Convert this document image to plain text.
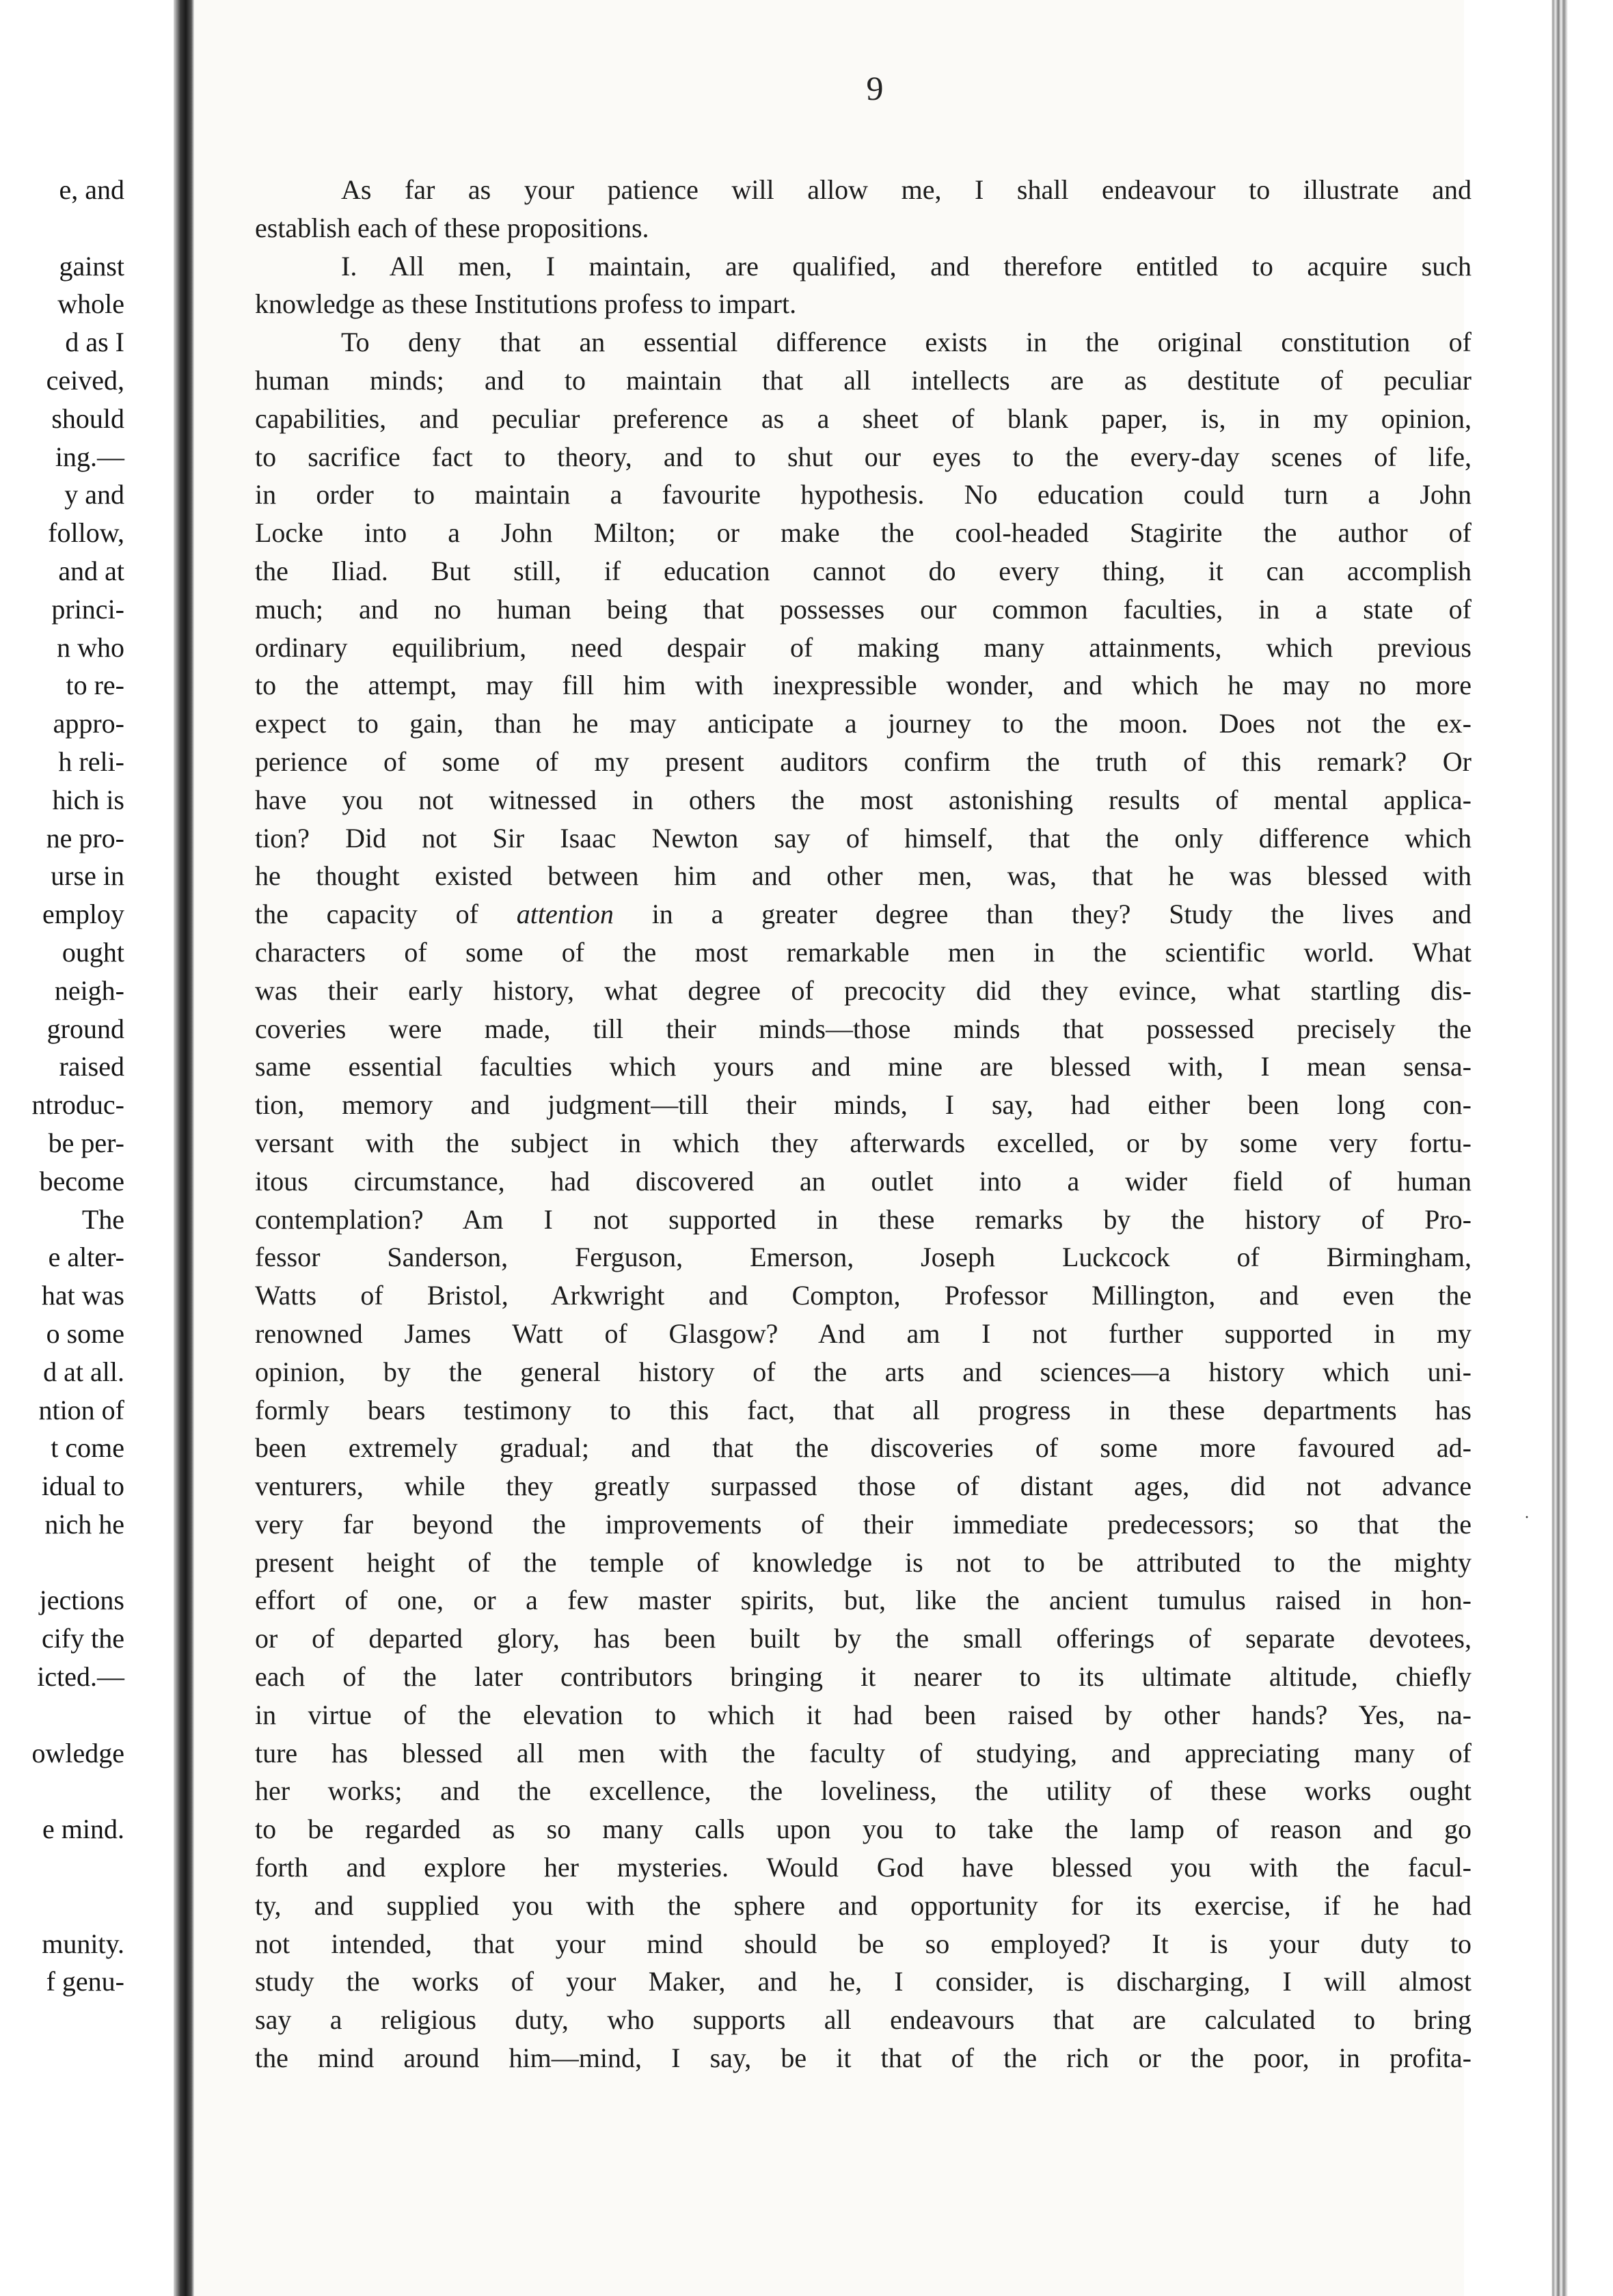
·
e, and
gainst
whole
d as I
ceived,
should
ing.—
y and
follow,
and at
princi-
n who
to re-
appro-
h reli-
hich is
ne pro-
urse in
employ
ought
neigh-
ground
raised
ntroduc-
be per-
become
The
e alter-
hat was
o some
d at all.
ntion of
t come
idual to
nich he
jections
cify the
icted.—
owledge
e mind.
munity.
f genu-
9
As far as your patience will allow me, I shall endeavour to illustrate and
establish each of these propositions.
I. All men, I maintain, are qualified, and therefore entitled to acquire such
knowledge as these Institutions profess to impart.
To deny that an essential difference exists in the original constitution of
human minds; and to maintain that all intellects are as destitute of peculiar
capabilities, and peculiar preference as a sheet of blank paper, is, in my opinion,
to sacrifice fact to theory, and to shut our eyes to the every-day scenes of life,
in order to maintain a favourite hypothesis. No education could turn a John
Locke into a John Milton; or make the cool-headed Stagirite the author of
the Iliad. But still, if education cannot do every thing, it can accomplish
much; and no human being that possesses our common faculties, in a state of
ordinary equilibrium, need despair of making many attainments, which previous
to the attempt, may fill him with inexpressible wonder, and which he may no more
expect to gain, than he may anticipate a journey to the moon. Does not the ex-
perience of some of my present auditors confirm the truth of this remark? Or
have you not witnessed in others the most astonishing results of mental applica-
tion? Did not Sir Isaac Newton say of himself, that the only difference which
he thought existed between him and other men, was, that he was blessed with
the capacity of attention in a greater degree than they? Study the lives and
characters of some of the most remarkable men in the scientific world. What
was their early history, what degree of precocity did they evince, what startling dis-
coveries were made, till their minds—those minds that possessed precisely the
same essential faculties which yours and mine are blessed with, I mean sensa-
tion, memory and judgment—till their minds, I say, had either been long con-
versant with the subject in which they afterwards excelled, or by some very fortu-
itous circumstance, had discovered an outlet into a wider field of human
contemplation? Am I not supported in these remarks by the history of Pro-
fessor Sanderson, Ferguson, Emerson, Joseph Luckcock of Birmingham,
Watts of Bristol, Arkwright and Compton, Professor Millington, and even the
renowned James Watt of Glasgow? And am I not further supported in my
opinion, by the general history of the arts and sciences—a history which uni-
formly bears testimony to this fact, that all progress in these departments has
been extremely gradual; and that the discoveries of some more favoured ad-
venturers, while they greatly surpassed those of distant ages, did not advance
very far beyond the improvements of their immediate predecessors; so that the
present height of the temple of knowledge is not to be attributed to the mighty
effort of one, or a few master spirits, but, like the ancient tumulus raised in hon-
or of departed glory, has been built by the small offerings of separate devotees,
each of the later contributors bringing it nearer to its ultimate altitude, chiefly
in virtue of the elevation to which it had been raised by other hands? Yes, na-
ture has blessed all men with the faculty of studying, and appreciating many of
her works; and the excellence, the loveliness, the utility of these works ought
to be regarded as so many calls upon you to take the lamp of reason and go
forth and explore her mysteries. Would God have blessed you with the facul-
ty, and supplied you with the sphere and opportunity for its exercise, if he had
not intended, that your mind should be so employed? It is your duty to
study the works of your Maker, and he, I consider, is discharging, I will almost
say a religious duty, who supports all endeavours that are calculated to bring
the mind around him—mind, I say, be it that of the rich or the poor, in profita-
